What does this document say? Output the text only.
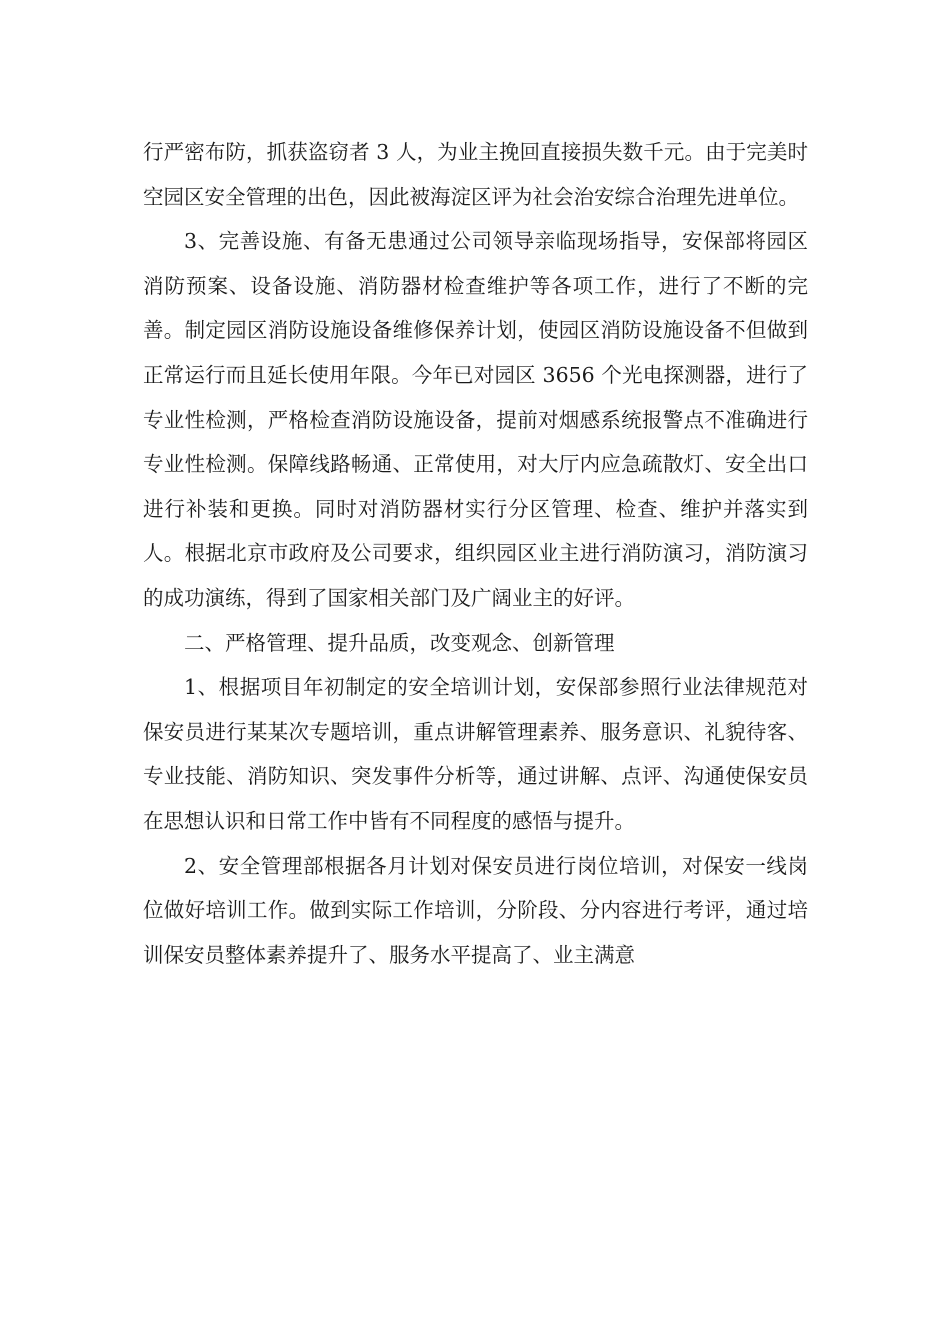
行严密布防，抓获盗窃者 3 人，为业主挽回直接损失数千元。由于完美时空园区安全管理的出色，因此被海淀区评为社会治安综合治理先进单位。

3、完善设施、有备无患通过公司领导亲临现场指导，安保部将园区消防预案、设备设施、消防器材检查维护等各项工作，进行了不断的完善。制定园区消防设施设备维修保养计划，使园区消防设施设备不但做到正常运行而且延长使用年限。今年已对园区 3656 个光电探测器，进行了专业性检测，严格检查消防设施设备，提前对烟感系统报警点不准确进行专业性检测。保障线路畅通、正常使用，对大厅内应急疏散灯、安全出口进行补装和更换。同时对消防器材实行分区管理、检查、维护并落实到人。根据北京市政府及公司要求，组织园区业主进行消防演习，消防演习的成功演练，得到了国家相关部门及广阔业主的好评。

二、严格管理、提升品质，改变观念、创新管理

1、根据项目年初制定的安全培训计划，安保部参照行业法律规范对保安员进行某某次专题培训，重点讲解管理素养、服务意识、礼貌待客、专业技能、消防知识、突发事件分析等，通过讲解、点评、沟通使保安员在思想认识和日常工作中皆有不同程度的感悟与提升。

2、安全管理部根据各月计划对保安员进行岗位培训，对保安一线岗位做好培训工作。做到实际工作培训，分阶段、分内容进行考评，通过培训保安员整体素养提升了、服务水平提高了、业主满意
